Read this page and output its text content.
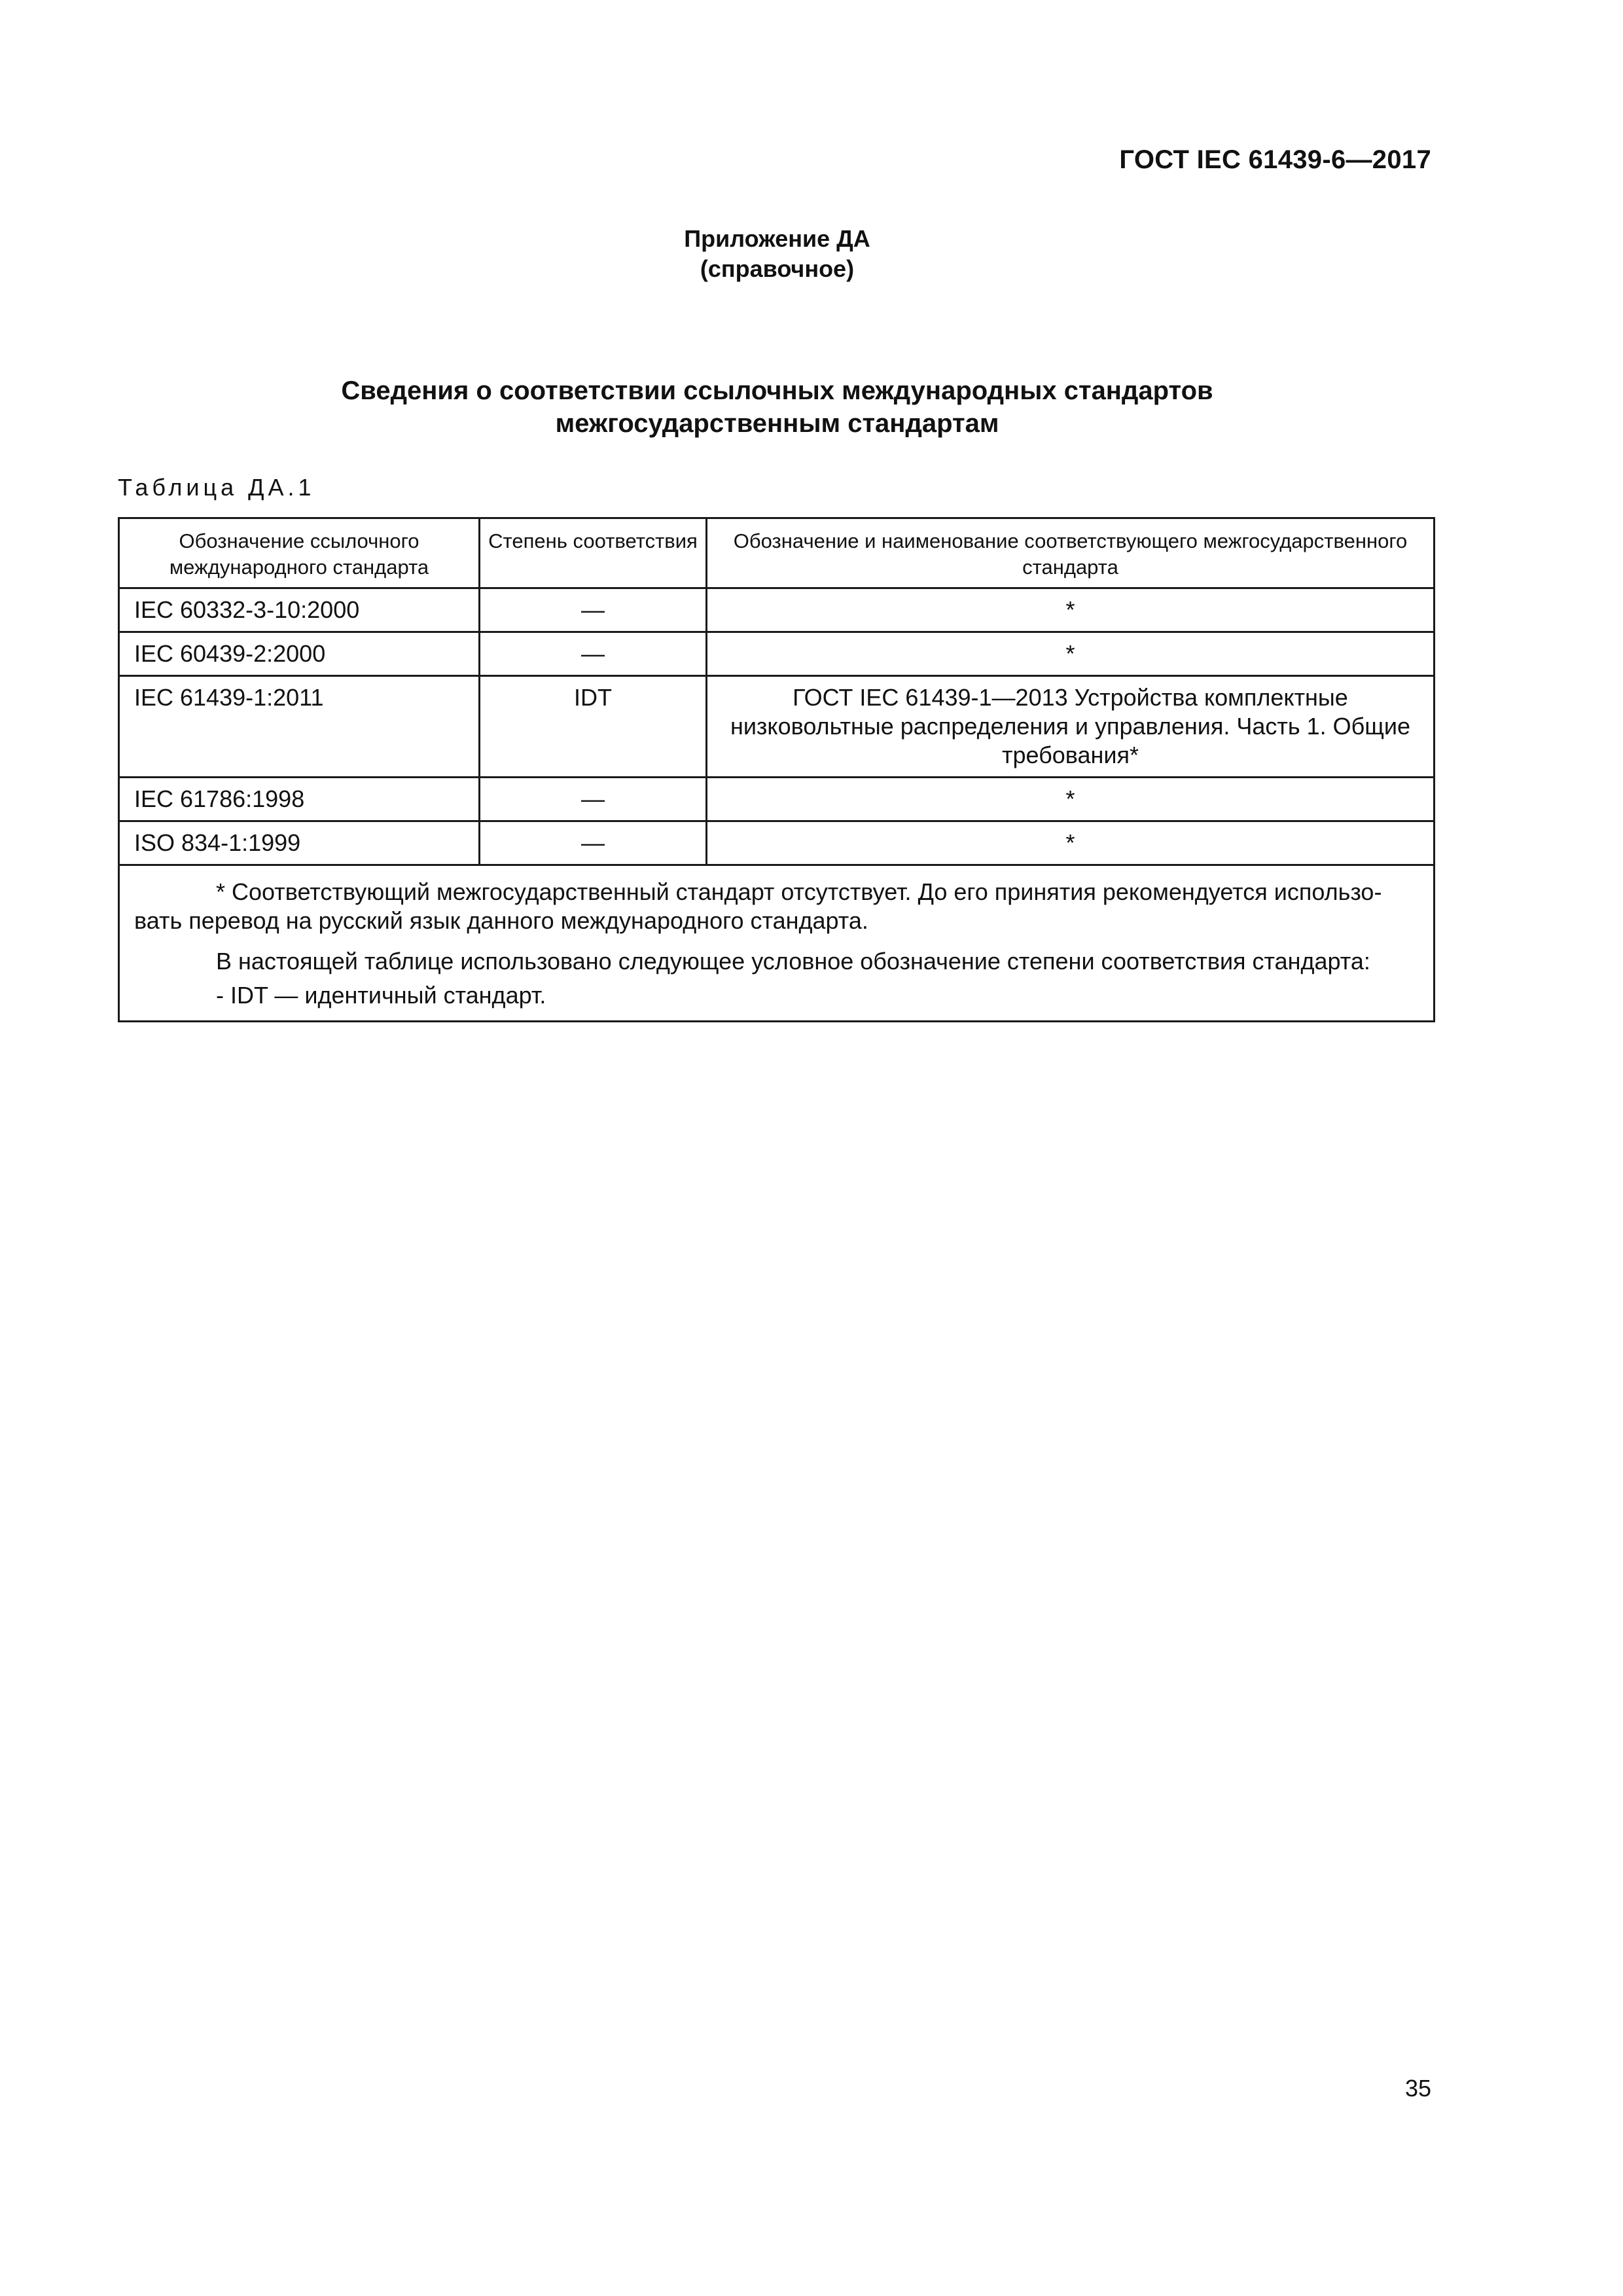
ГОСТ IEC 61439-6—2017
Приложение ДА
(справочное)
Сведения о соответствии ссылочных международных стандартов
межгосударственным стандартам
Таблица ДА.1
Обозначение ссылочного международного стандарта	Степень соответствия	Обозначение и наименование соответствующего межгосударственного стандарта
IEC 60332-3-10:2000	—	*
IEC 60439-2:2000	—	*
IEC 61439-1:2011	IDT	ГОСТ IEC 61439-1—2013 Устройства комплектные низковольтные распределения и управления. Часть 1. Общие требования*
IEC 61786:1998	—	*
ISO 834-1:1999	—	*

* Соответствующий межгосударственный стандарт отсутствует. До его принятия рекомендуется использо-вать перевод на русский язык данного международного стандарта.

В настоящей таблице использовано следующее условное обозначение степени соответствия стандарта:

- IDT — идентичный стандарт.		

35
